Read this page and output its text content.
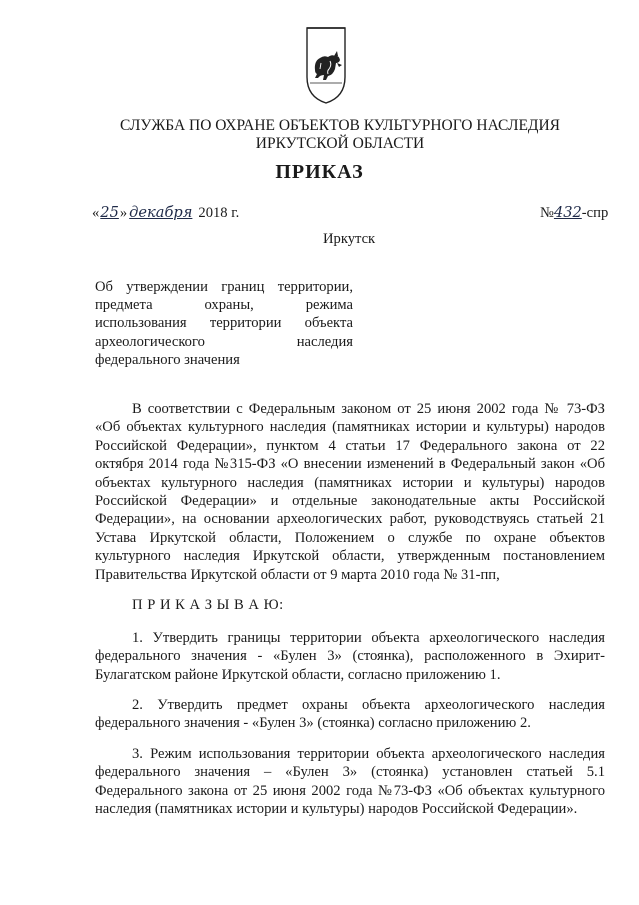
СЛУЖБА ПО ОХРАНЕ ОБЪЕКТОВ КУЛЬТУРНОГО НАСЛЕДИЯ
ИРКУТСКОЙ ОБЛАСТИ
ПРИКАЗ
«25» декабря 2018 г.	№432-спр
Иркутск
Об утверждении границ территории,
предмета охраны, режима
использования территории объекта
археологического наследия
федерального значения
В соответствии с Федеральным законом от 25 июня 2002 года № 73-ФЗ
«Об объектах культурного наследия (памятниках истории и культуры) народов
Российской Федерации», пунктом 4 статьи 17 Федерального закона от 22
октября 2014 года №315-ФЗ «О внесении изменений в Федеральный закон «Об
объектах культурного наследия (памятниках истории и культуры) народов
Российской Федерации» и отдельные законодательные акты Российской
Федерации», на основании археологических работ, руководствуясь статьей 21
Устава Иркутской области, Положением о службе по охране объектов
культурного наследия Иркутской области, утвержденным постановлением
Правительства Иркутской области от 9 марта 2010 года № 31-пп,
П Р И К А З Ы В А Ю:
1. Утвердить границы территории объекта археологического наследия
федерального значения - «Булен 3» (стоянка), расположенного в Эхирит-
Булагатском районе Иркутской области, согласно приложению 1.
2. Утвердить предмет охраны объекта археологического наследия
федерального значения - «Булен 3» (стоянка) согласно приложению 2.
3. Режим использования территории объекта археологического наследия
федерального значения – «Булен 3» (стоянка) установлен статьей 5.1
Федерального закона от 25 июня 2002 года №73-ФЗ «Об объектах культурного
наследия (памятниках истории и культуры) народов Российской Федерации».
